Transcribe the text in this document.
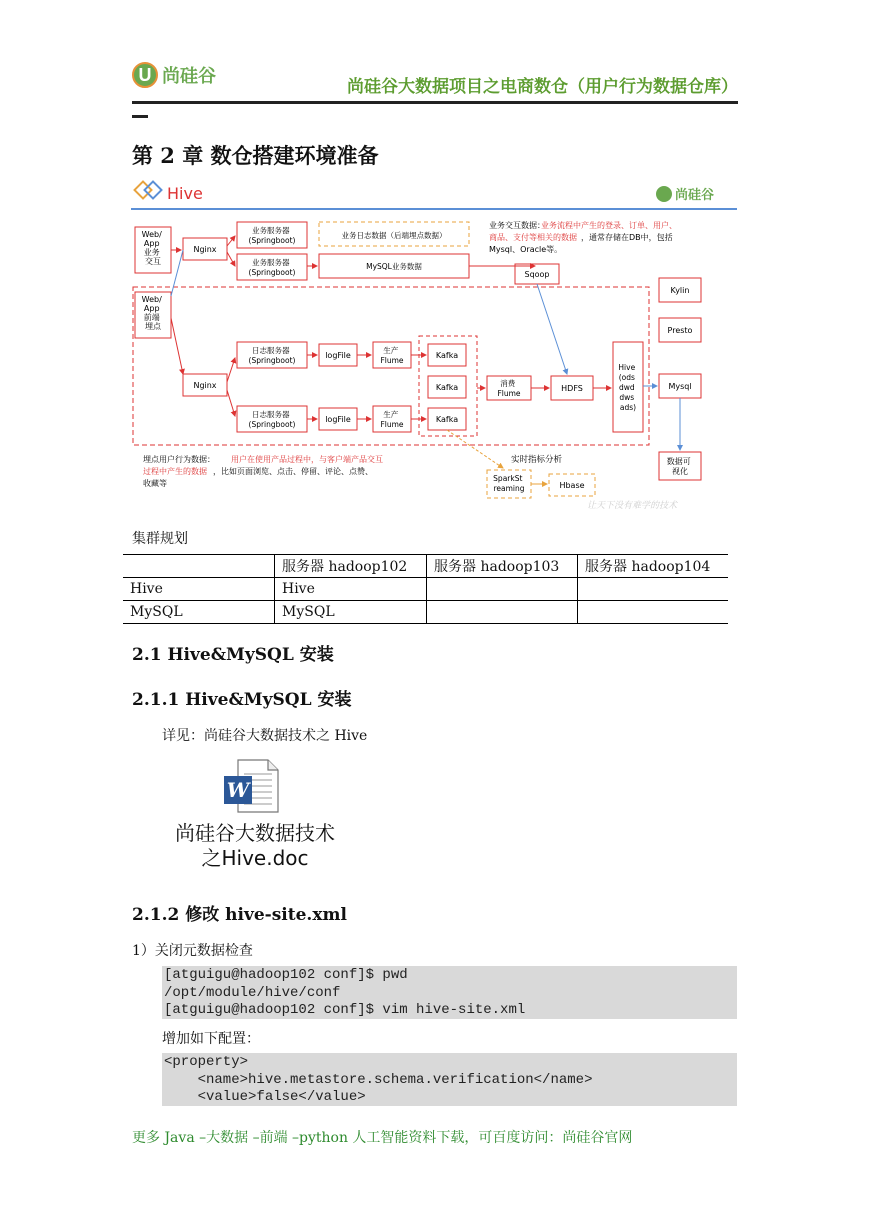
U 尚硅谷	尚硅谷大数据项目之电商数仓（用户行为数据仓库）
第 2 章 数仓搭建环境准备
Hive	尚硅谷
Web/ App 业务 交互
Nginx
业务服务器 (Springboot)
业务服务器 (Springboot)
业务日志数据（后端埋点数据）
MySQL业务数据
Sqoop
业务交互数据：
业务流程中产生的登录、订单、用户、 商品、支付等相关的数据 ，通常存储在DB中，包括
Mysql、Oracle等。
Kylin
Presto
Mysql
数据可 视化
Web/ App 前端 埋点
Nginx
日志服务器 (Springboot)
日志服务器 (Springboot)
logFile
logFile
生产 Flume
生产 Flume
Kafka
Kafka
Kafka
消费 Flume
HDFS
Hive (ods dwd dws ads)
实时指标分析
SparkSt reaming	Hbase
埋点用户行为数据：	用户在使用产品过程中，与客户端产品交互 过程中产生的数据 ，比如页面浏览、点击、停留、评论、点赞、
收藏等
让天下没有难学的技术
集群规划
	服务器 hadoop102	服务器 hadoop103	服务器 hadoop104
Hive	Hive		
MySQL	MySQL		
2.1 Hive&MySQL 安装
2.1.1 Hive&MySQL 安装
详见：尚硅谷大数据技术之 Hive
W
尚硅谷大数据技术
之Hive.doc
2.1.2 修改 hive-site.xml
1）关闭元数据检查
[atguigu@hadoop102 conf]$ pwd
/opt/module/hive/conf
[atguigu@hadoop102 conf]$ vim hive-site.xml
增加如下配置：
<property>
<name>hive.metastore.schema.verification</name>
<value>false</value>
更多 Java –大数据 –前端 –python 人工智能资料下载，可百度访问：尚硅谷官网
